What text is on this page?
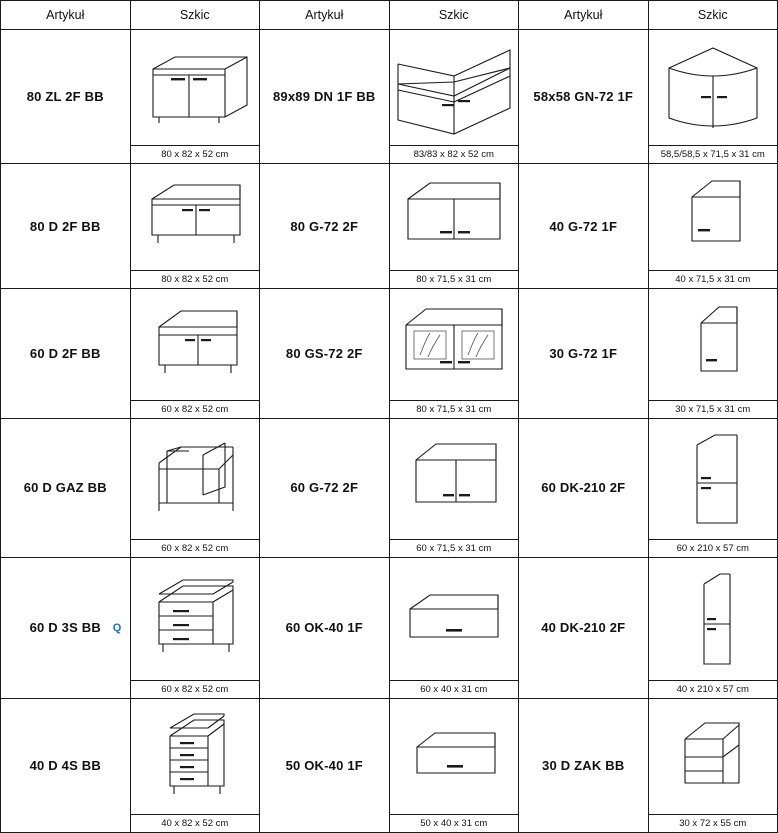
Artykuł	Szkic	Artykuł	Szkic	Artykuł	Szkic
80 ZL 2F BB	80 x 82 x 52 cm	89x89 DN 1F BB	83/83 x 82 x 52 cm	58x58 GN-72 1F	58,5/58,5 x 71,5 x 31 cm

80 D 2F BB	80 x 82 x 52 cm	80 G-72 2F	80 x 71,5 x 31 cm	40 G-72 1F	40 x 71,5 x 31 cm

60 D 2F BB	60 x 82 x 52 cm	80 GS-72 2F	80 x 71,5 x 31 cm	30 G-72 1F	30 x 71,5 x 31 cm

60 D GAZ BB	60 x 82 x 52 cm	60 G-72 2F	60 x 71,5 x 31 cm	60 DK-210 2F	60 x 210 x 57 cm

60 D 3S BB Q	60 x 82 x 52 cm	60 OK-40 1F	60 x 40 x 31 cm	40 DK-210 2F	40 x 210 x 57 cm

40 D 4S BB	40 x 82 x 52 cm	50 OK-40 1F	50 x 40 x 31 cm	30 D ZAK BB	30 x 72 x 55 cm
